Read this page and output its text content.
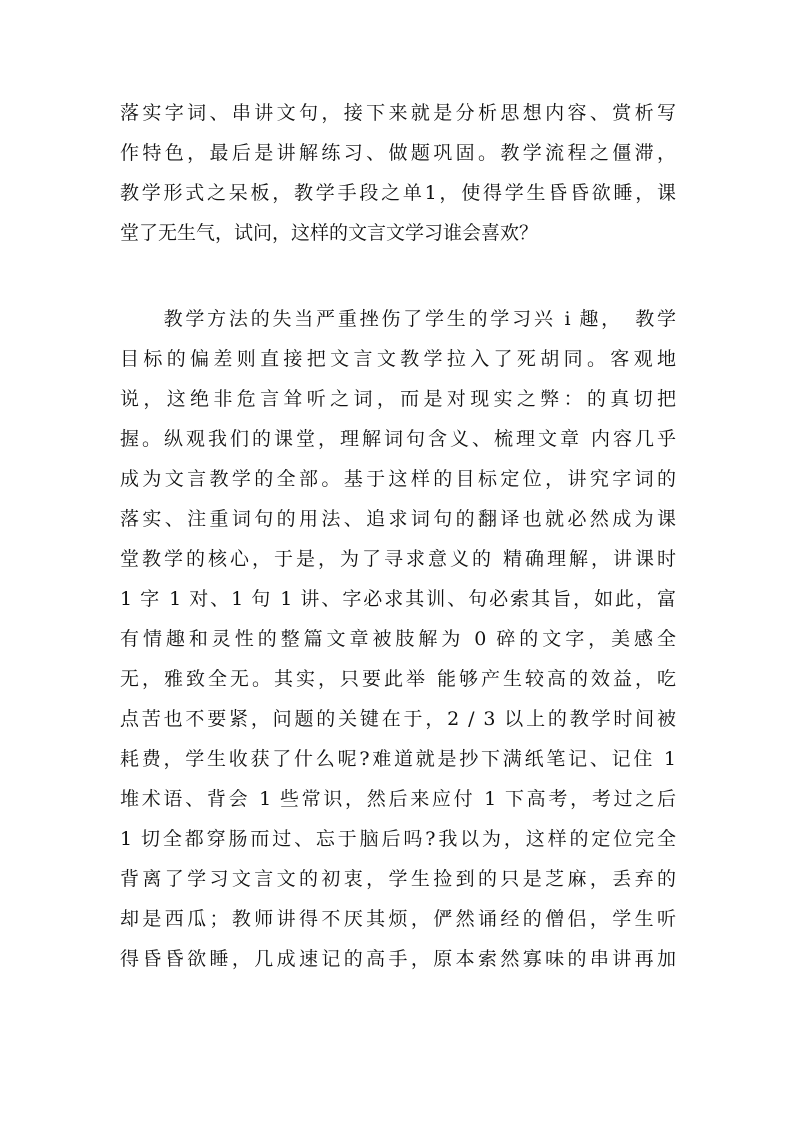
落实字词、串讲文句，接下来就是分析思想内容、赏析写
作特色，最后是讲解练习、做题巩固。教学流程之僵滞，
教学形式之呆板，教学手段之单1，使得学生昏昏欲睡，课
堂了无生气，试问，这样的文言文学习谁会喜欢？
　　教学方法的失当严重挫伤了学生的学习兴 i 趣，　教学
目标的偏差则直接把文言文教学拉入了死胡同。客观地
说，这绝非危言耸听之词，而是对现实之弊：的真切把
握。纵观我们的课堂，理解词句含义、梳理文章 内容几乎
成为文言教学的全部。基于这样的目标定位，讲究字词的
落实、注重词句的用法、追求词句的翻译也就必然成为课
堂教学的核心，于是，为了寻求意义的 精确理解，讲课时
1 字 1 对、1 句 1 讲、字必求其训、句必索其旨，如此，富
有情趣和灵性的整篇文章被肢解为 0 碎的文字，美感全
无，雅致全无。其实，只要此举 能够产生较高的效益，吃
点苦也不要紧，问题的关键在于，2 / 3 以上的教学时间被
耗费，学生收获了什么呢?难道就是抄下满纸笔记、记住 1
堆术语、背会 1 些常识，然后来应付 1 下高考，考过之后
1 切全都穿肠而过、忘于脑后吗?我以为，这样的定位完全
背离了学习文言文的初衷，学生捡到的只是芝麻，丢弃的
却是西瓜；教师讲得不厌其烦，俨然诵经的僧侣，学生听
得昏昏欲睡，几成速记的高手，原本索然寡味的串讲再加
